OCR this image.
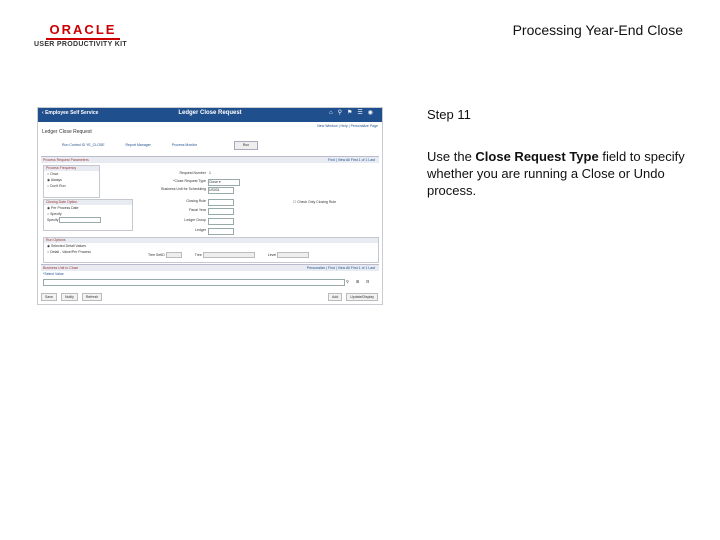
ORACLE
USER PRODUCTIVITY KIT
Processing Year-End Close
‹ Employee Self Service	Ledger Close Request	⌂⚲⚑☰◉
New Window | Help | Personalize Page
Ledger Close Request
Run Control ID YE_CLOSE	Report Manager	Process Monitor	Run
Process Request Parameters	Find | View All First 1 of 1 Last
Process Frequency
○ Once
◉ Always
○ Don't Run
Closing Date Option
◉ Per Process Date
○ Specify
Specify
Request Number 1
*Close Request Type Close ▾
Business Unit for Scheduling US001
Closing Rule
Fiscal Year
Ledger Group
Ledger
☐ Check Only Closing Rule
Run Options
◉ Selected Detail Values
○ Detail - Value/Per Process
Tree SetID	Tree	Level
Business Unit to Close	Personalize | Find | View All First 1 of 1 Last
*Select Value
⚲ ⊞ ⊟
Save	Notify	Refresh	Add	Update/Display
Step 11
Use the Close Request Type field to specify whether you are running a Close or Undo process.
